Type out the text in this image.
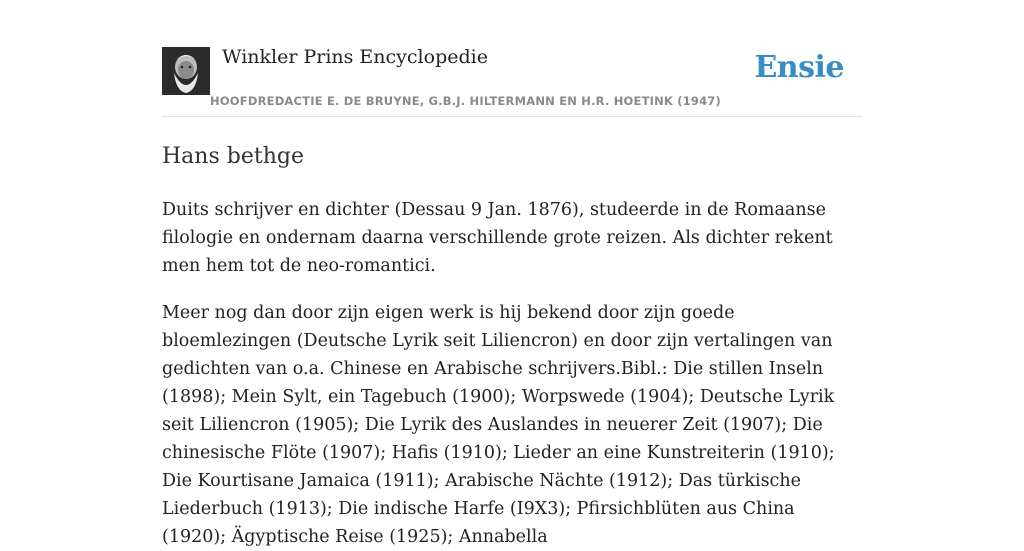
Winkler Prins Encyclopedie
HOOFDREDACTIE E. DE BRUYNE, G.B.J. HILTERMANN EN H.R. HOETINK (1947)
Ensie
Hans bethge

Duits schrijver en dichter (Dessau 9 Jan. 1876), studeerde in de Romaanse filologie en ondernam daarna verschillende grote reizen. Als dichter rekent men hem tot de neo-romantici.

Meer nog dan door zijn eigen werk is hij bekend door zijn goede bloemlezingen (Deutsche Lyrik seit Liliencron) en door zijn vertalingen van gedichten van o.a. Chinese en Arabische schrijvers.Bibl.: Die stillen Inseln (1898); Mein Sylt, ein Tagebuch (1900); Worpswede (1904); Deutsche Lyrik seit Liliencron (1905); Die Lyrik des Auslandes in neuerer Zeit (1907); Die chinesische Flöte (1907); Hafis (1910); Lieder an eine Kunstreiterin (1910); Die Kourtisane Jamaica (1911); Arabische Nächte (1912); Das türkische Liederbuch (1913); Die indische Harfe (I9X3); Pfirsichblüten aus China (1920); Ägyptische Reise (1925); Annabella
